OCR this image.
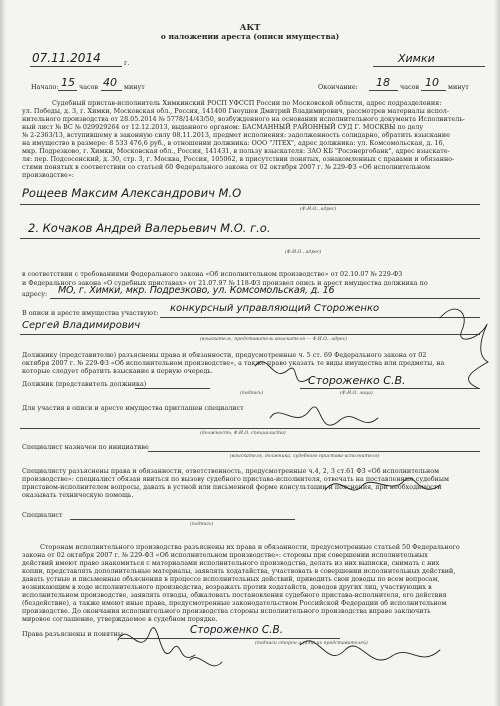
АКТ
о наложении ареста (описи имущества)
07.11.2014	г.	Химки
Начало: 15 часов 40 минут	Окончание: 18 часов 10 минут
Судебный пристав-исполнитель Химкинский РОСП УФССП России по Московской области, адрес подразделения:
ул. Победы, д. 3, г. Химки, Московская обл., Россия, 141400 Гнеушев Дмитрий Владимирович, рассмотрев материалы испол-
нительного производства от 28.05.2014 № 5778/14/43/50, возбужденного на основании исполнительного документа Исполнитель-
ный лист № ВС № 029929264 от 12.12.2013, выданного органом: БАСМАННЫЙ РАЙОННЫЙ СУД Г. МОСКВЫ по делу
№ 2-2363/13, вступившему в законную силу 08.11.2013, предмет исполнения: задолженность солидарно, обратить взыскание
на имущество в размере: 8 533 476,6 руб., в отношении должника: ООО "ЛТЕХ", адрес должника: ул. Комсомольская, д. 16,
мкр. Подрезково, г. Химки, Московская обл., Россия, 141431, в пользу взыскателя: ЗАО КБ "Росэнергобанк", адрес взыскате-
ля: пер. Подсосенский, д. 30, стр. 3, г. Москва, Россия, 105062, в присутствии понятых, ознакомленных с правами и обязанно-
стями понятых в соответствии со статьей 60 Федерального закона от 02 октября 2007 г. № 229-ФЗ «Об исполнительном
производстве»:
Рощеев Максим Александрович М.О
(Ф.И.О., адрес)
2. Кочаков Андрей Валерьевич М.О. г.о.
(Ф.И.О., адрес)
в соответствии с требованиями Федерального закона «Об исполнительном производстве» от 02.10.07 № 229-ФЗ
и Федерального закона «О судебных приставах» от 21.07.97 № 118-ФЗ произвел опись и арест имущества должника по
адресу: МО, г. Химки, мкр. Подрезково, ул. Комсомольская, д. 16
В описи и аресте имущества участвуют: конкурсный управляющий Стороженко
Сергей Владимирович
(взыскатель, представитель взыскателя — Ф.И.О., адрес)
Должнику (представителю) разъяснены права и обязанности, предусмотренные ч. 5 ст. 69 Федерального закона от 02
октября 2007 г. № 229-ФЗ «Об исполнительном производстве», а также право указать те виды имущества или предметы, на
которые следует обратить взыскание в первую очередь.
Должник (представитель должника)	Стороженко С.В.
(подпись)	(Ф.И.О. лица)
Для участия в описи и аресте имущества приглашен специалист
(должность, Ф.И.О. специалиста)
Специалист назначен по инициативе
(взыскателя, должника, судебного пристава-исполнителя)
Специалисту разъяснены права и обязанности, ответственность, предусмотренные ч.4, 2, 3 ст.61 ФЗ «Об исполнительном
производстве»: специалист обязан явиться по вызову судебного пристава-исполнителя, отвечать на поставленные судебным
приставом-исполнителем вопросы, давать в устной или письменной форме консультации и пояснения, при необходимости
оказывать техническую помощь.
Специалист
(подпись)
Сторонам исполнительного производства разъяснены их права и обязанности, предусмотренные статьей 50 Федерального
закона от 02 октября 2007 г. № 229-ФЗ «Об исполнительном производстве»: стороны при совершении исполнительных
действий имеют право знакомиться с материалами исполнительного производства, делать из них выписки, снимать с них
копии, представлять дополнительные материалы, заявлять ходатайства, участвовать в совершении исполнительных действий,
давать устные и письменные объяснения в процессе исполнительных действий, приводить свои доводы по всем вопросам,
возникающим в ходе исполнительного производства, возражать против ходатайств, доводов других лиц, участвующих в
исполнительном производстве, заявлять отводы, обжаловать постановления судебного пристава-исполнителя, его действия
(бездействие), а также имеют иные права, предусмотренные законодательством Российской Федерации об исполнительном
производстве. До окончания исполнительного производства стороны исполнительного производства вправе заключить
мировое соглашение, утверждаемое в судебном порядке.
Права разъяснены и понятны	Стороженко С.В.
(подписи сторон и (или) их представителей)
